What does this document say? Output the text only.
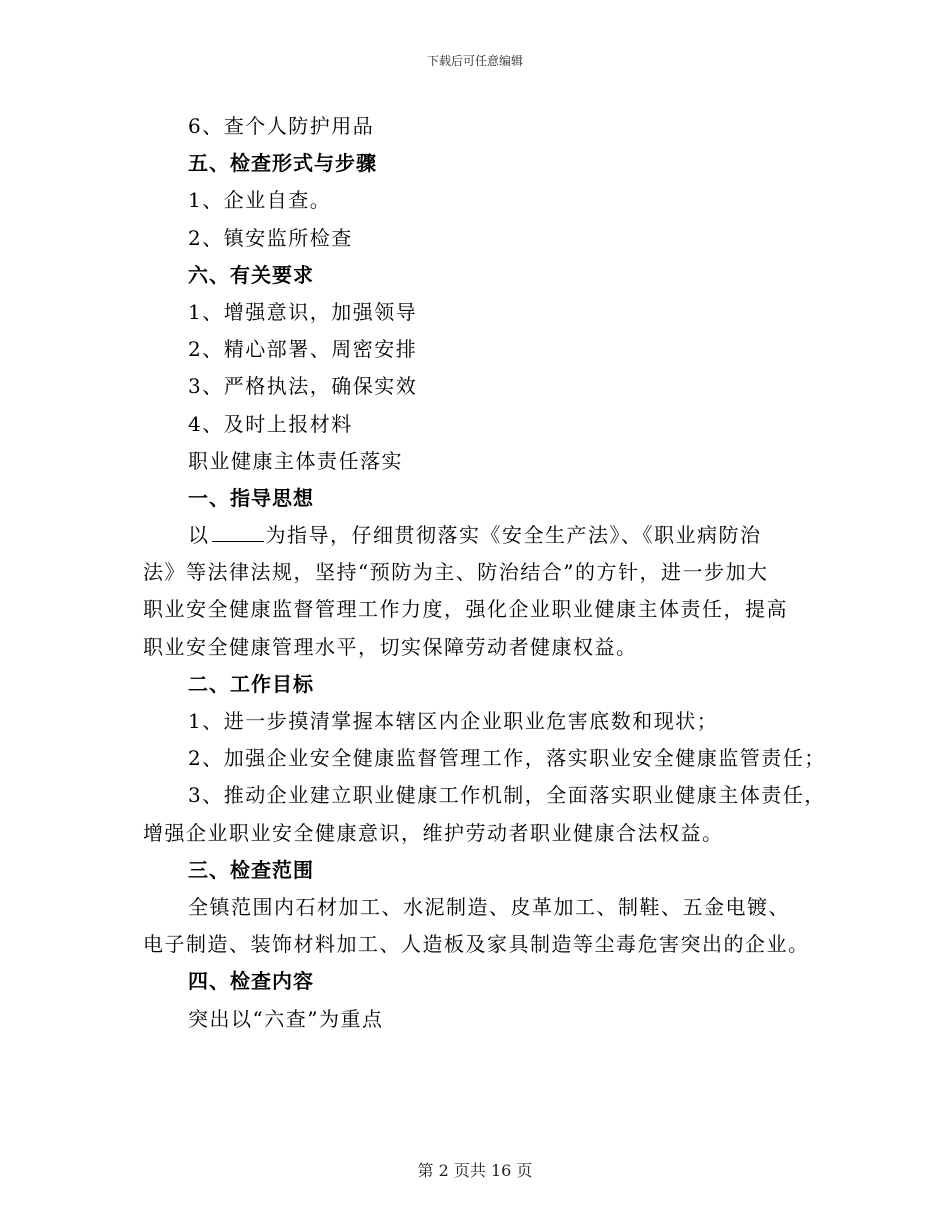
下载后可任意编辑
6、查个人防护用品
五、检查形式与步骤
1、企业自查。
2、镇安监所检查
六、有关要求
1、增强意识，加强领导
2、精心部署、周密安排
3、严格执法，确保实效
4、及时上报材料
职业健康主体责任落实
一、指导思想
以	为指导，仔细贯彻落实《安全生产法》、《职业病防治
法》等法律法规，坚持“预防为主、防治结合”的方针，进一步加大
职业安全健康监督管理工作力度，强化企业职业健康主体责任，提高
职业安全健康管理水平，切实保障劳动者健康权益。
二、工作目标
1、进一步摸清掌握本辖区内企业职业危害底数和现状；
2、加强企业安全健康监督管理工作，落实职业安全健康监管责任；
3、推动企业建立职业健康工作机制，全面落实职业健康主体责任，
增强企业职业安全健康意识，维护劳动者职业健康合法权益。
三、检查范围
全镇范围内石材加工、水泥制造、皮革加工、制鞋、五金电镀、
电子制造、装饰材料加工、人造板及家具制造等尘毒危害突出的企业。
四、检查内容
突出以“六查”为重点
第 2 页共 16 页
